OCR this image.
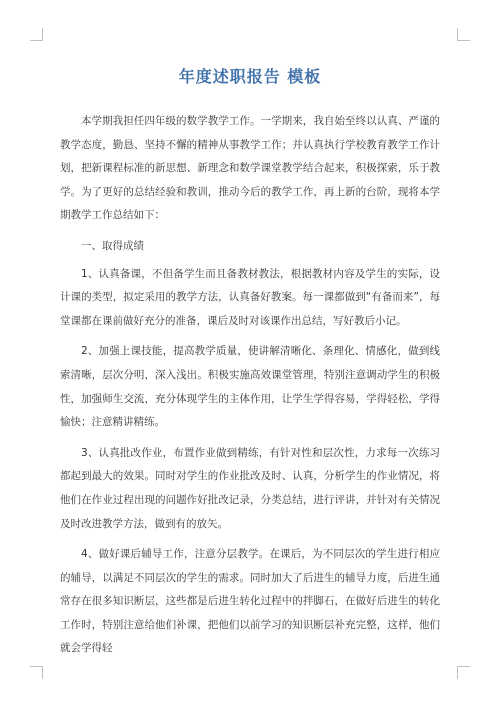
年度述职报告 模板

本学期我担任四年级的数学教学工作。一学期来，我自始至终以认真、严谨的教学态度，勤恳、坚持不懈的精神从事教学工作；并认真执行学校教育教学工作计划，把新课程标准的新思想、新理念和数学课堂教学结合起来，积极探索，乐于教学。为了更好的总结经验和教训，推动今后的教学工作，再上新的台阶，现将本学期教学工作总结如下：

一、取得成绩

1、认真备课，不但备学生而且备教材教法，根据教材内容及学生的实际，设计课的类型，拟定采用的教学方法，认真备好教案。每一课都做到“有备而来”，每堂课都在课前做好充分的准备，课后及时对该课作出总结，写好教后小记。

2、加强上课技能，提高教学质量，使讲解清晰化、条理化、情感化，做到线索清晰，层次分明，深入浅出。积极实施高效课堂管理，特别注意调动学生的积极性，加强师生交流，充分体现学生的主体作用，让学生学得容易，学得轻松，学得愉快；注意精讲精练。

3、认真批改作业，布置作业做到精练，有针对性和层次性，力求每一次练习都起到最大的效果。同时对学生的作业批改及时、认真，分析学生的作业情况，将他们在作业过程出现的问题作好批改记录，分类总结，进行评讲，并针对有关情况及时改进教学方法，做到有的放矢。

4、做好课后辅导工作，注意分层教学。在课后，为不同层次的学生进行相应的辅导，以满足不同层次的学生的需求。同时加大了后进生的辅导力度，后进生通常存在很多知识断层，这些都是后进生转化过程中的拌脚石，在做好后进生的转化工作时，特别注意给他们补课，把他们以前学习的知识断层补充完整，这样，他们就会学得轻
